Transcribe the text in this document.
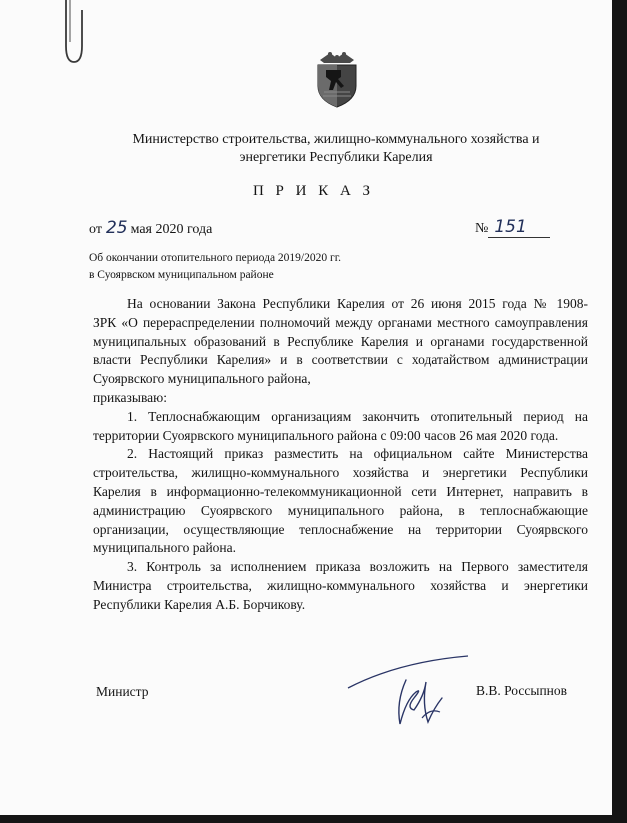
Министерство строительства, жилищно-коммунального хозяйства и
энергетики Республики Карелия
П Р И К А З
от 25 мая 2020 года	№ 151
Об окончании отопительного периода 2019/2020 гг.
в Суоярвском муниципальном районе

На основании Закона Республики Карелия от 26 июня 2015 года № 1908-

ЗРК «О перераспределении полномочий между органами местного самоуправления муниципальных образований в Республике Карелия и органами государственной власти Республики Карелия» и в соответствии с ходатайством администрации Суоярвского муниципального района,

приказываю:

1. Теплоснабжающим организациям закончить отопительный период на территории Суоярвского муниципального района с 09:00 часов 26 мая 2020 года.

2. Настоящий приказ разместить на официальном сайте Министерства строительства, жилищно-коммунального хозяйства и энергетики Республики Карелия в информационно-телекоммуникационной сети Интернет, направить в администрацию Суоярвского муниципального района, в теплоснабжающие организации, осуществляющие теплоснабжение на территории Суоярвского муниципального района.

3. Контроль за исполнением приказа возложить на Первого заместителя Министра строительства, жилищно-коммунального хозяйства и энергетики Республики Карелия А.Б. Борчикову.

Министр	В.В. Россыпнов
